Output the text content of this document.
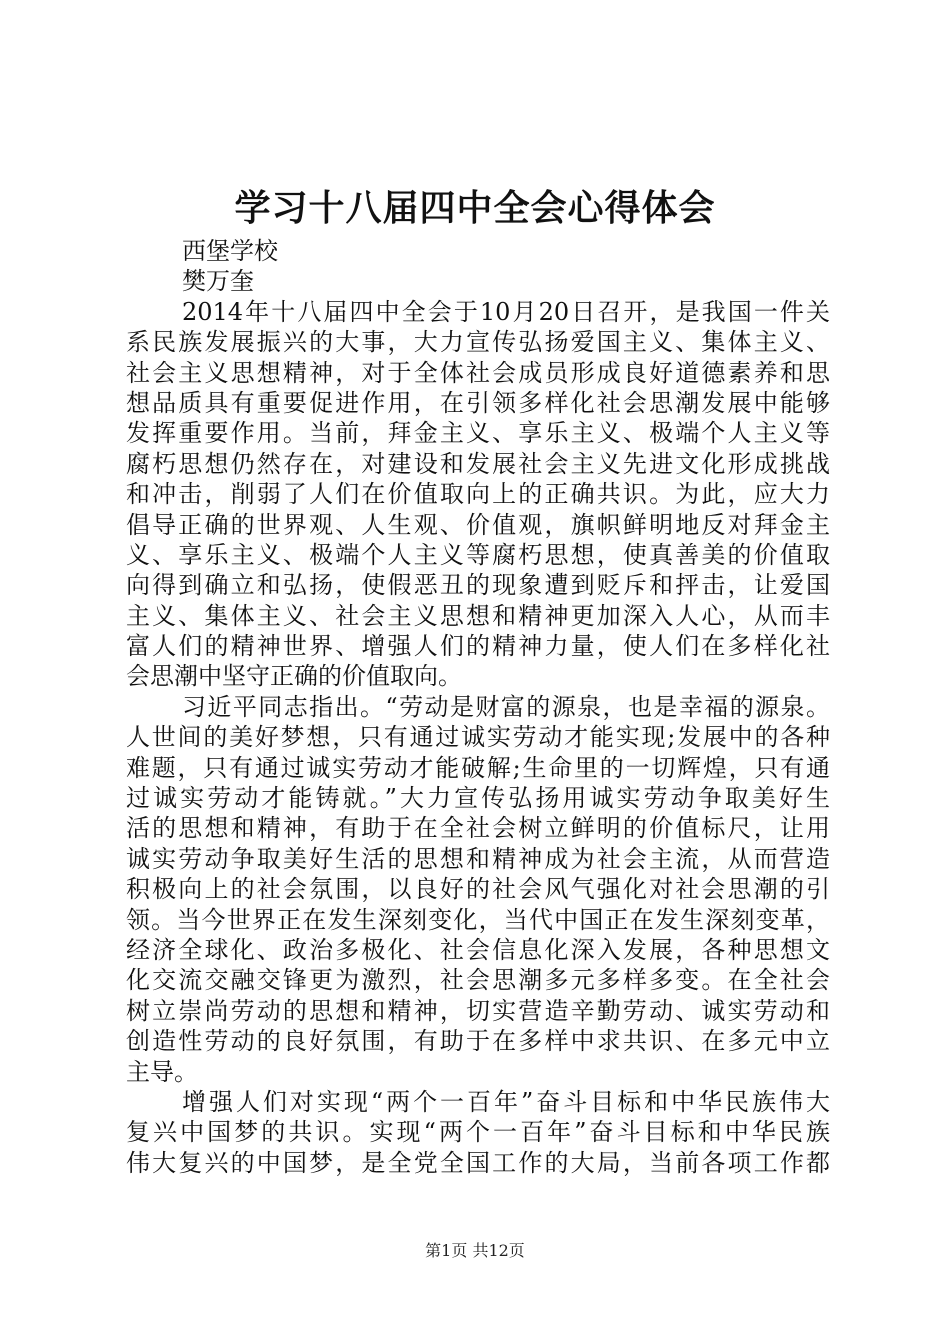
学习十八届四中全会心得体会
西堡学校
樊万奎
2014年十八届四中全会于10月20日召开，是我国一件关
系民族发展振兴的大事，大力宣传弘扬爱国主义、集体主义、
社会主义思想精神，对于全体社会成员形成良好道德素养和思
想品质具有重要促进作用，在引领多样化社会思潮发展中能够
发挥重要作用。当前，拜金主义、享乐主义、极端个人主义等
腐朽思想仍然存在，对建设和发展社会主义先进文化形成挑战
和冲击，削弱了人们在价值取向上的正确共识。为此，应大力
倡导正确的世界观、人生观、价值观，旗帜鲜明地反对拜金主
义、享乐主义、极端个人主义等腐朽思想，使真善美的价值取
向得到确立和弘扬，使假恶丑的现象遭到贬斥和抨击，让爱国
主义、集体主义、社会主义思想和精神更加深入人心，从而丰
富人们的精神世界、增强人们的精神力量，使人们在多样化社
会思潮中坚守正确的价值取向。
习近平同志指出。“劳动是财富的源泉，也是幸福的源泉。
人世间的美好梦想，只有通过诚实劳动才能实现;发展中的各种
难题，只有通过诚实劳动才能破解;生命里的一切辉煌，只有通
过诚实劳动才能铸就。”大力宣传弘扬用诚实劳动争取美好生
活的思想和精神，有助于在全社会树立鲜明的价值标尺，让用
诚实劳动争取美好生活的思想和精神成为社会主流，从而营造
积极向上的社会氛围，以良好的社会风气强化对社会思潮的引
领。当今世界正在发生深刻变化，当代中国正在发生深刻变革，
经济全球化、政治多极化、社会信息化深入发展，各种思想文
化交流交融交锋更为激烈，社会思潮多元多样多变。在全社会
树立崇尚劳动的思想和精神，切实营造辛勤劳动、诚实劳动和
创造性劳动的良好氛围，有助于在多样中求共识、在多元中立
主导。
增强人们对实现“两个一百年”奋斗目标和中华民族伟大
复兴中国梦的共识。实现“两个一百年”奋斗目标和中华民族
伟大复兴的中国梦，是全党全国工作的大局，当前各项工作都
第1页 共12页
